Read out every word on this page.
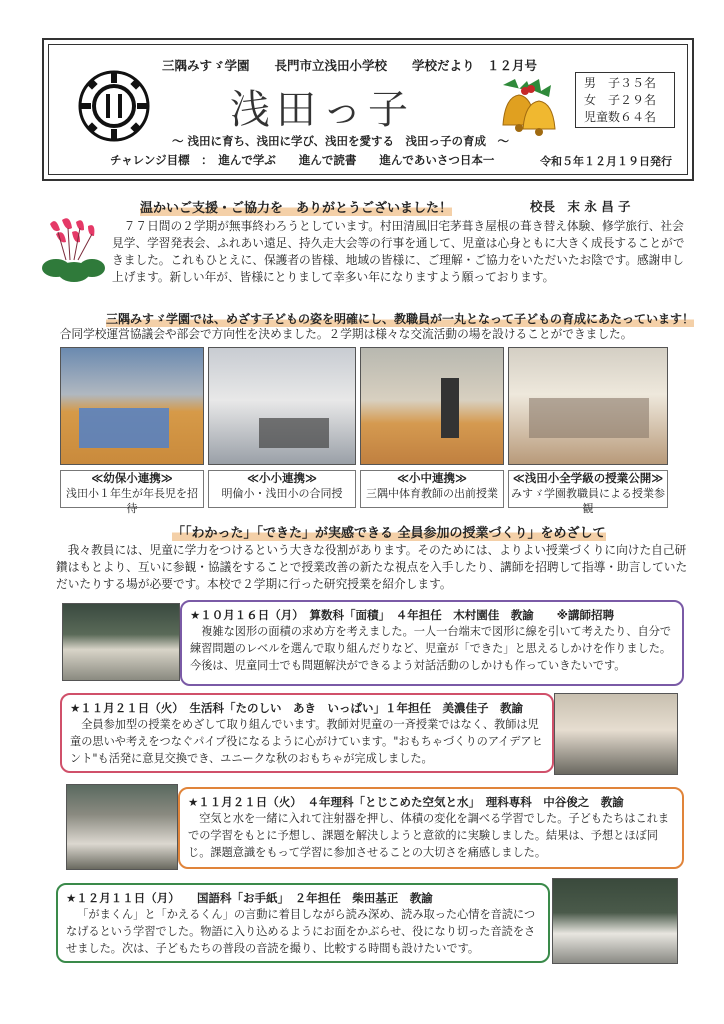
三隅みすゞ学園　　長門市立浅田小学校　　学校だより　１２月号
浅田っ子
～ 浅田に育ち、浅田に学び、浅田を愛する　浅田っ子の育成　～
チャレンジ目標　：　進んで学ぶ　　進んで読書　　進んであいさつ日本一	令和５年１２月１９日発行
男　子３５名
女　子２９名
児童数６４名
温かいご支援・ご協力を　ありがとうございました！	校長　末 永 昌 子

７７日間の２学期が無事終わろうとしています。村田清風旧宅茅葺き屋根の葺き替え体験、修学旅行、社会見学、学習発表会、ふれあい遠足、持久走大会等の行事を通して、児童は心身ともに大きく成長することができました。これもひとえに、保護者の皆様、地域の皆様に、ご理解・ご協力をいただいたお陰です。感謝申し上げます。新しい年が、皆様にとりまして幸多い年になりますよう願っております。

三隅みすゞ学園では、めざす子どもの姿を明確にし、教職員が一丸となって子どもの育成にあたっています！

合同学校運営協議会や部会で方向性を決めました。２学期は様々な交流活動の場を設けることができました。

≪幼保小連携≫
浅田小１年生が年長児を招待
≪小小連携≫
明倫小・浅田小の合同授
≪小中連携≫
三隅中体育教師の出前授業
≪浅田小全学級の授業公開≫
みすゞ学園教職員による授業参観
「「わかった」「できた」が実感できる 全員参加の授業づくり」をめざして

我々教員には、児童に学力をつけるという大きな役割があります。そのためには、よりよい授業づくりに向けた自己研鑽はもとより、互いに参観・協議をすることで授業改善の新たな視点を入手したり、講師を招聘して指導・助言していただいたりする場が必要です。本校で２学期に行った研究授業を紹介します。

★１０月１６日（月）　算数科「面積」　４年担任　木村園佳　教諭　　※講師招聘

複雑な図形の面積の求め方を考えました。一人一台端末で図形に線を引いて考えたり、自分で練習問題のレベルを選んで取り組んだりなど、児童が「できた」と思えるしかけを作りました。今後は、児童同士でも問題解決ができるよう対話活動のしかけも作っていきたいです。

★１１月２１日（火）　生活科「たのしい　あき　いっぱい」１年担任　美濃佳子　教諭

全員参加型の授業をめざして取り組んでいます。教師対児童の一斉授業ではなく、教師は児童の思いや考えをつなぐパイプ役になるように心がけています。"おもちゃづくりのアイデアヒント"も活発に意見交換でき、ユニークな秋のおもちゃが完成しました。

★１１月２１日（火）　４年理科「とじこめた空気と水」　理科専科　中谷俊之　教諭

空気と水を一緒に入れて注射器を押し、体積の変化を調べる学習でした。子どもたちはこれまでの学習をもとに予想し、課題を解決しようと意欲的に実験しました。結果は、予想とほぼ同じ。課題意識をもって学習に参加させることの大切さを痛感しました。

★１２月１１日（月）　　国語科「お手紙」　２年担任　柴田基正　教諭

「がまくん」と「かえるくん」の言動に着目しながら読み深め、読み取った心情を音読につなげるという学習でした。物語に入り込めるようにお面をかぶらせ、役になり切った音読をさせました。次は、子どもたちの普段の音読を撮り、比較する時間も設けたいです。
